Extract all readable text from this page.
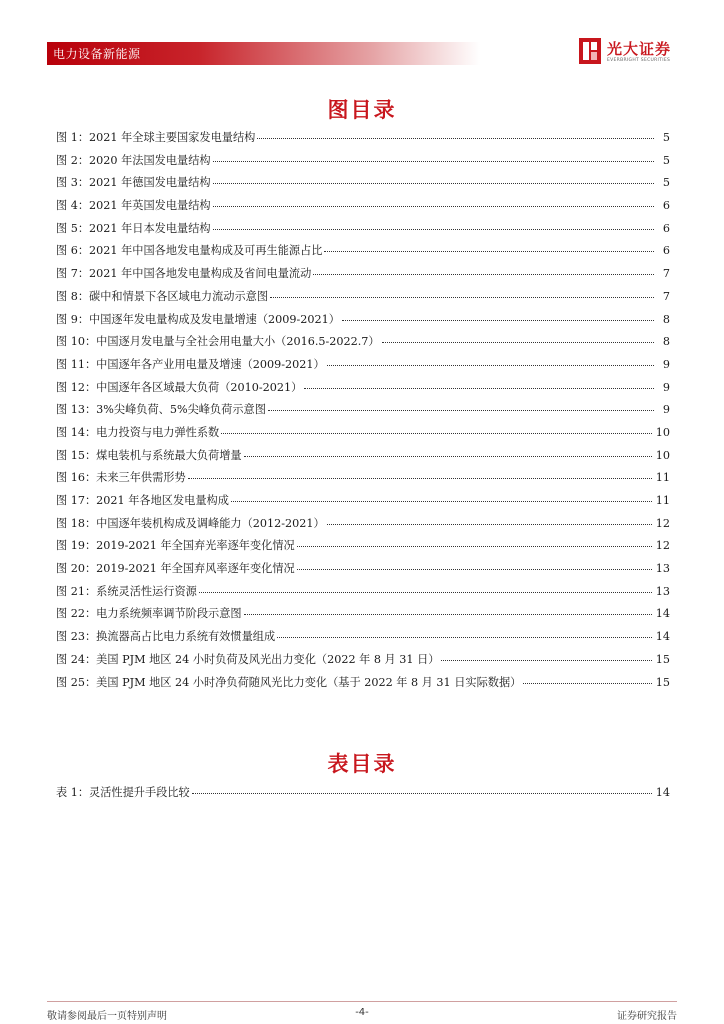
电力设备新能源	光大证券
EVERBRIGHT SECURITIES
图目录
图 1：2021 年全球主要国家发电量结构	5
图 2：2020 年法国发电量结构	5
图 3：2021 年德国发电量结构	5
图 4：2021 年英国发电量结构	6
图 5：2021 年日本发电量结构	6
图 6：2021 年中国各地发电量构成及可再生能源占比	6
图 7：2021 年中国各地发电量构成及省间电量流动	7
图 8：碳中和情景下各区域电力流动示意图	7
图 9：中国逐年发电量构成及发电量增速（2009-2021）	8
图 10：中国逐月发电量与全社会用电量大小（2016.5-2022.7）	8
图 11：中国逐年各产业用电量及增速（2009-2021）	9
图 12：中国逐年各区域最大负荷（2010-2021）	9
图 13：3%尖峰负荷、5%尖峰负荷示意图	9
图 14：电力投资与电力弹性系数	10
图 15：煤电装机与系统最大负荷增量	10
图 16：未来三年供需形势	11
图 17：2021 年各地区发电量构成	11
图 18：中国逐年装机构成及调峰能力（2012-2021）	12
图 19：2019-2021 年全国弃光率逐年变化情况	12
图 20：2019-2021 年全国弃风率逐年变化情况	13
图 21：系统灵活性运行资源	13
图 22：电力系统频率调节阶段示意图	14
图 23：换流器高占比电力系统有效惯量组成	14
图 24：美国 PJM 地区 24 小时负荷及风光出力变化（2022 年 8 月 31 日）	15
图 25：美国 PJM 地区 24 小时净负荷随风光比力变化（基于 2022 年 8 月 31 日实际数据）	15
表目录
表 1：灵活性提升手段比较	14
敬请参阅最后一页特别声明	-4-	证券研究报告
